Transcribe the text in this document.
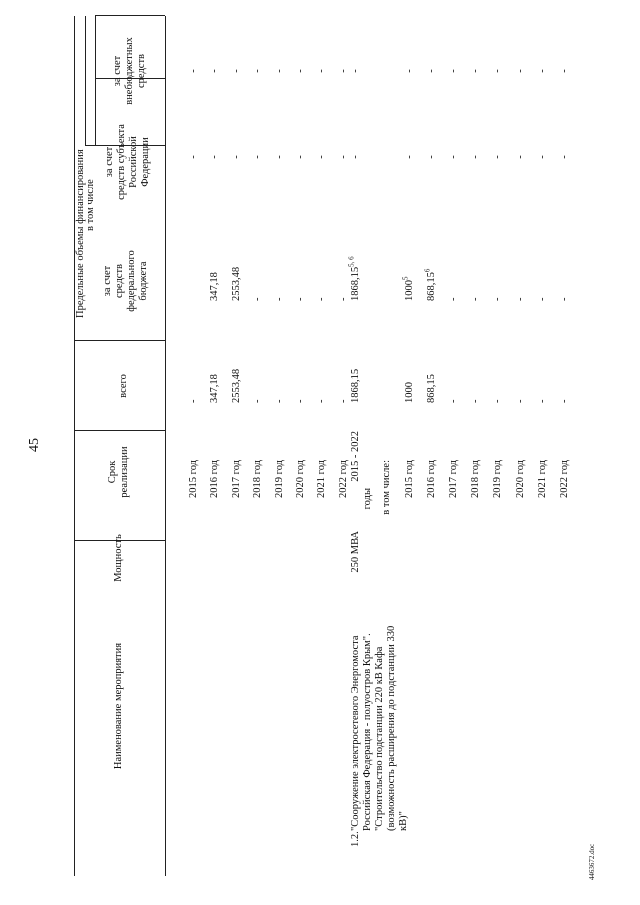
45
4463672.doc
Наименование мероприятия
Мощность
Срок реализации
Предельные объемы финансирования
всего
в том числе
за счет средств федерального бюджета
за счет средств субъекта Российской Федерации
за счет внебюджетных средств
1.2.
"Сооружение электросетевого Энергомоста Российская Федерация - полуостров Крым". "Строительство подстанции 220 кВ Кафа (возможность расширения до подстанции 330 кВ)"
250 МВА
2015 - 2022
годы
1868,15
1868,15$^{5, 6}$
-
-
в том числе:
2015 год
-
-
-
2016 год
347,18
347,18
-
-
2017 год
2553,48
2553,48
-
-
2018 год
-
-
-
-
2019 год
-
-
-
-
2020 год
-
-
-
-
2021 год
-
-
-
-
2022 год
-
-
-
-
2015 год
1000
1000$^5$
-
-
2016 год
868,15
868,15$^6$
-
-
2017 год
-
-
-
-
2018 год
-
-
-
-
2019 год
-
-
-
-
2020 год
-
-
-
-
2021 год
-
-
-
-
2022 год
-
-
-
-
